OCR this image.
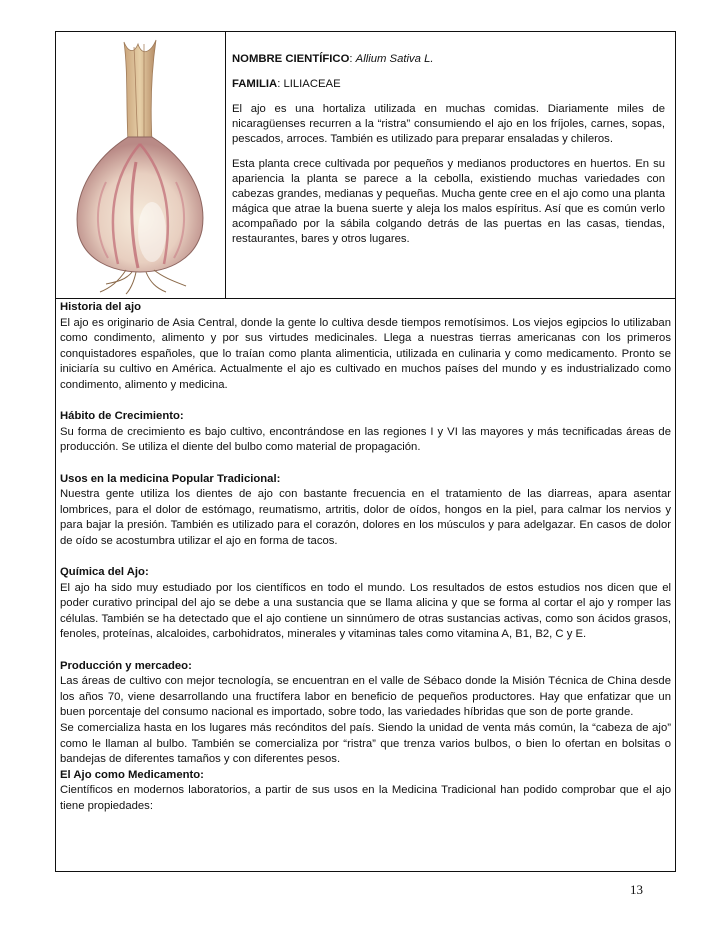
NOMBRE CIENTÍFICO: Allium Sativa L.

FAMILIA: LILIACEAE

El ajo es una hortaliza utilizada en muchas comidas. Diariamente miles de nicaragüenses recurren a la “ristra” consumiendo el ajo en los fríjoles, carnes, sopas, pescados, arroces. También es utilizado para preparar ensaladas y chileros.

Esta planta crece cultivada por pequeños y medianos productores en huertos. En su apariencia la planta se parece a la cebolla, existiendo muchas variedades con cabezas grandes, medianas y pequeñas. Mucha gente cree en el ajo como una planta mágica que atrae la buena suerte y aleja los malos espíritus. Así que es común verlo acompañado por la sábila colgando detrás de las puertas en las casas, tiendas, restaurantes, bares y otros lugares.

Historia del ajo

El ajo es originario de Asia Central, donde la gente lo cultiva desde tiempos remotísimos. Los viejos egipcios lo utilizaban como condimento, alimento y por sus virtudes medicinales. Llega a nuestras tierras americanas con los primeros conquistadores españoles, que lo traían como planta alimenticia, utilizada en culinaria y como medicamento. Pronto se iniciaría su cultivo en América. Actualmente el ajo es cultivado en muchos países del mundo y es industrializado como condimento, alimento y medicina.

Hábito de Crecimiento:

Su forma de crecimiento es bajo cultivo, encontrándose en las regiones I y VI las mayores y más tecnificadas áreas de producción. Se utiliza el diente del bulbo como material de propagación.

Usos en la medicina Popular Tradicional:

Nuestra gente utiliza los dientes de ajo con bastante frecuencia en el tratamiento de las diarreas, apara asentar lombrices, para el dolor de estómago, reumatismo, artritis, dolor de oídos, hongos en la piel, para calmar los nervios y para bajar la presión. También es utilizado para el corazón, dolores en los músculos y para adelgazar. En casos de dolor de oído se acostumbra utilizar el ajo en forma de tacos.

Química del Ajo:

El ajo ha sido muy estudiado por los científicos en todo el mundo. Los resultados de estos estudios nos dicen que el poder curativo principal del ajo se debe a una sustancia que se llama alicina y que se forma al cortar el ajo y romper las células. También se ha detectado que el ajo contiene un sinnúmero de otras sustancias activas, como son ácidos grasos, fenoles, proteínas, alcaloides, carbohidratos, minerales y vitaminas tales como vitamina A, B1, B2, C y E.

Producción y mercadeo:

Las áreas de cultivo con mejor tecnología, se encuentran en el valle de Sébaco donde la Misión Técnica de China desde los años 70, viene desarrollando una fructífera labor en beneficio de pequeños productores. Hay que enfatizar que un buen porcentaje del consumo nacional es importado, sobre todo, las variedades híbridas que son de porte grande.

Se comercializa hasta en los lugares más recónditos del país. Siendo la unidad de venta más común, la “cabeza de ajo” como le llaman al bulbo. También se comercializa por “ristra” que trenza varios bulbos, o bien lo ofertan en bolsitas o bandejas de diferentes tamaños y con diferentes pesos.

El Ajo como Medicamento:

Científicos en modernos laboratorios, a partir de sus usos en la Medicina Tradicional han podido comprobar que el ajo tiene propiedades:

13
